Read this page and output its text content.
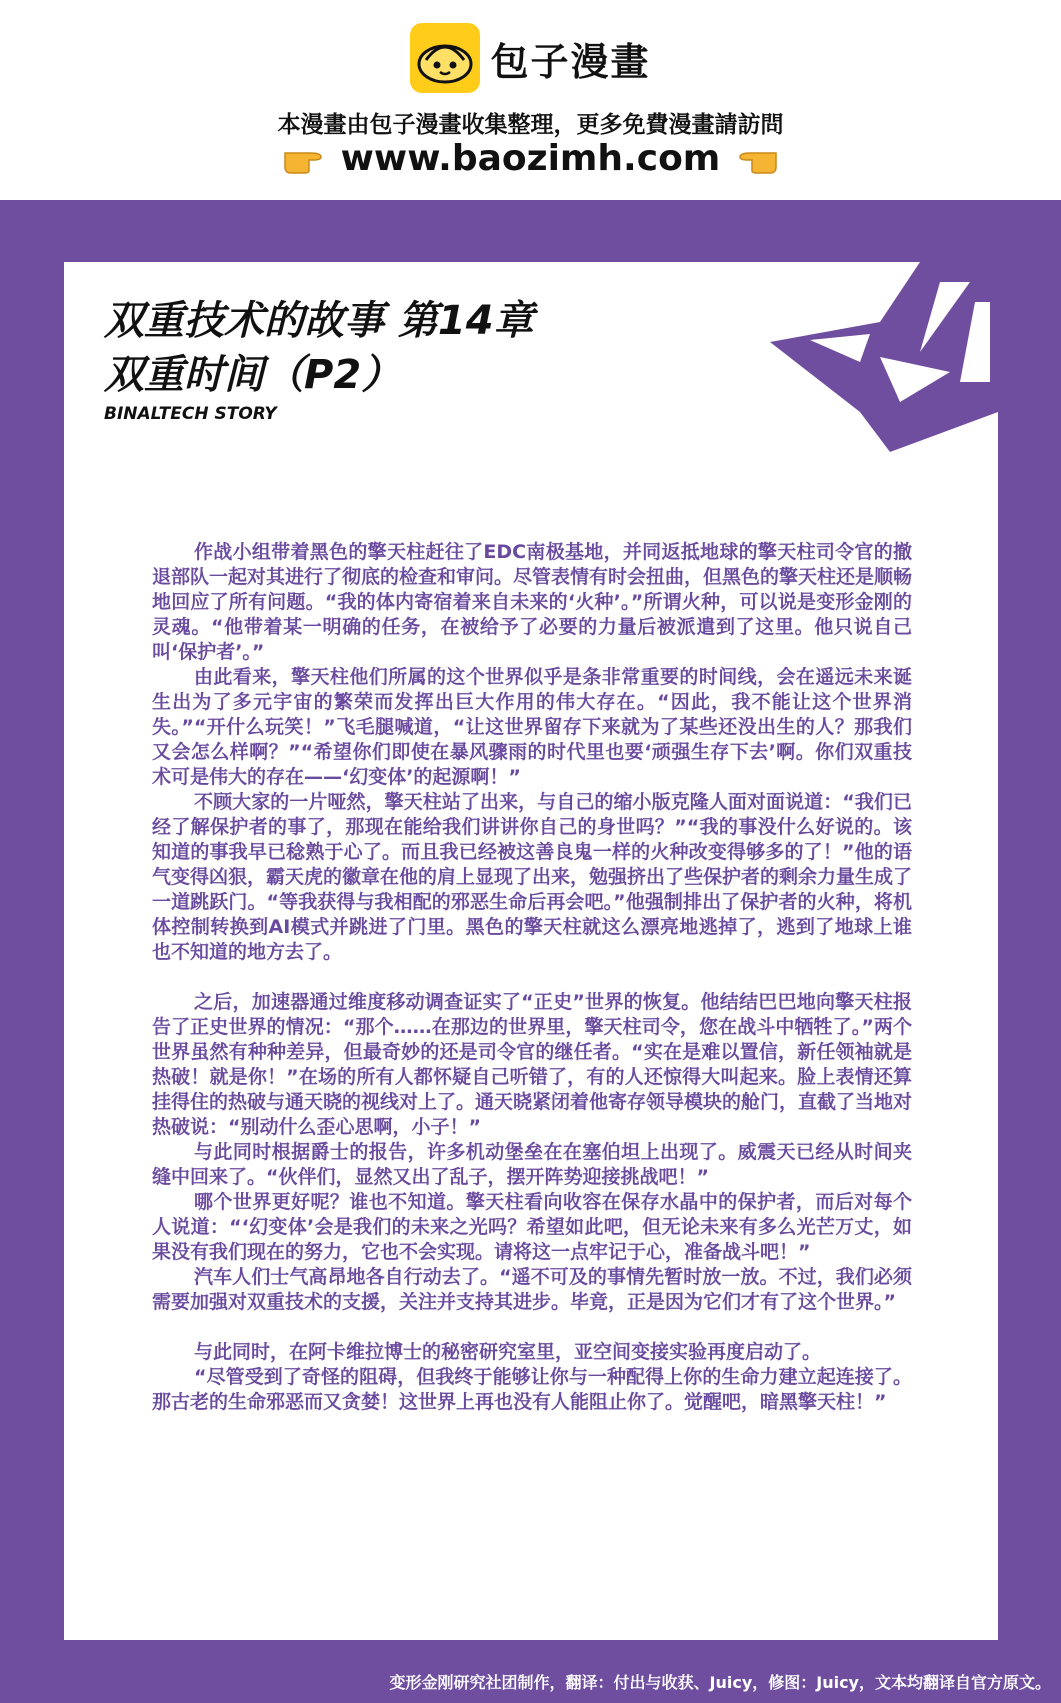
包子漫畫
本漫畫由包子漫畫收集整理，更多免費漫畫請訪問
www.baozimh.com
双重技术的故事 第14章
双重时间（P2）
BINALTECH STORY

作战小组带着黑色的擎天柱赶往了EDC南极基地，并同返抵地球的擎天柱司令官的撤退部队一起对其进行了彻底的检查和审问。尽管表情有时会扭曲，但黑色的擎天柱还是顺畅地回应了所有问题。“我的体内寄宿着来自未来的‘火种’。”所谓火种，可以说是变形金刚的灵魂。“他带着某一明确的任务，在被给予了必要的力量后被派遣到了这里。他只说自己叫‘保护者’。”

由此看来，擎天柱他们所属的这个世界似乎是条非常重要的时间线，会在遥远未来诞生出为了多元宇宙的繁荣而发挥出巨大作用的伟大存在。“因此，我不能让这个世界消失。”“开什么玩笑！”飞毛腿喊道，“让这世界留存下来就为了某些还没出生的人？那我们又会怎么样啊？”“希望你们即使在暴风骤雨的时代里也要‘顽强生存下去’啊。你们双重技术可是伟大的存在——‘幻变体’的起源啊！”

不顾大家的一片哑然，擎天柱站了出来，与自己的缩小版克隆人面对面说道：“我们已经了解保护者的事了，那现在能给我们讲讲你自己的身世吗？”“我的事没什么好说的。该知道的事我早已稔熟于心了。而且我已经被这善良鬼一样的火种改变得够多的了！”他的语气变得凶狠，霸天虎的徽章在他的肩上显现了出来，勉强挤出了些保护者的剩余力量生成了一道跳跃门。“等我获得与我相配的邪恶生命后再会吧。”他强制排出了保护者的火种，将机体控制转换到AI模式并跳进了门里。黑色的擎天柱就这么漂亮地逃掉了，逃到了地球上谁也不知道的地方去了。

之后，加速器通过维度移动调查证实了“正史”世界的恢复。他结结巴巴地向擎天柱报告了正史世界的情况：“那个……在那边的世界里，擎天柱司令，您在战斗中牺牲了。”两个世界虽然有种种差异，但最奇妙的还是司令官的继任者。“实在是难以置信，新任领袖就是热破！就是你！”在场的所有人都怀疑自己听错了，有的人还惊得大叫起来。脸上表情还算挂得住的热破与通天晓的视线对上了。通天晓紧闭着他寄存领导模块的舱门，直截了当地对热破说：“别动什么歪心思啊，小子！”

与此同时根据爵士的报告，许多机动堡垒在在塞伯坦上出现了。威震天已经从时间夹缝中回来了。“伙伴们，显然又出了乱子，摆开阵势迎接挑战吧！”

哪个世界更好呢？谁也不知道。擎天柱看向收容在保存水晶中的保护者，而后对每个人说道：“‘幻变体’会是我们的未来之光吗？希望如此吧，但无论未来有多么光芒万丈，如果没有我们现在的努力，它也不会实现。请将这一点牢记于心，准备战斗吧！”

汽车人们士气高昂地各自行动去了。“遥不可及的事情先暂时放一放。不过，我们必须需要加强对双重技术的支援，关注并支持其进步。毕竟，正是因为它们才有了这个世界。”

与此同时，在阿卡维拉博士的秘密研究室里，亚空间变接实验再度启动了。

“尽管受到了奇怪的阻碍，但我终于能够让你与一种配得上你的生命力建立起连接了。那古老的生命邪恶而又贪婪！这世界上再也没有人能阻止你了。觉醒吧，暗黑擎天柱！”

变形金刚研究社团制作，翻译：付出与收获、Juicy，修图：Juicy，文本均翻译自官方原文。
